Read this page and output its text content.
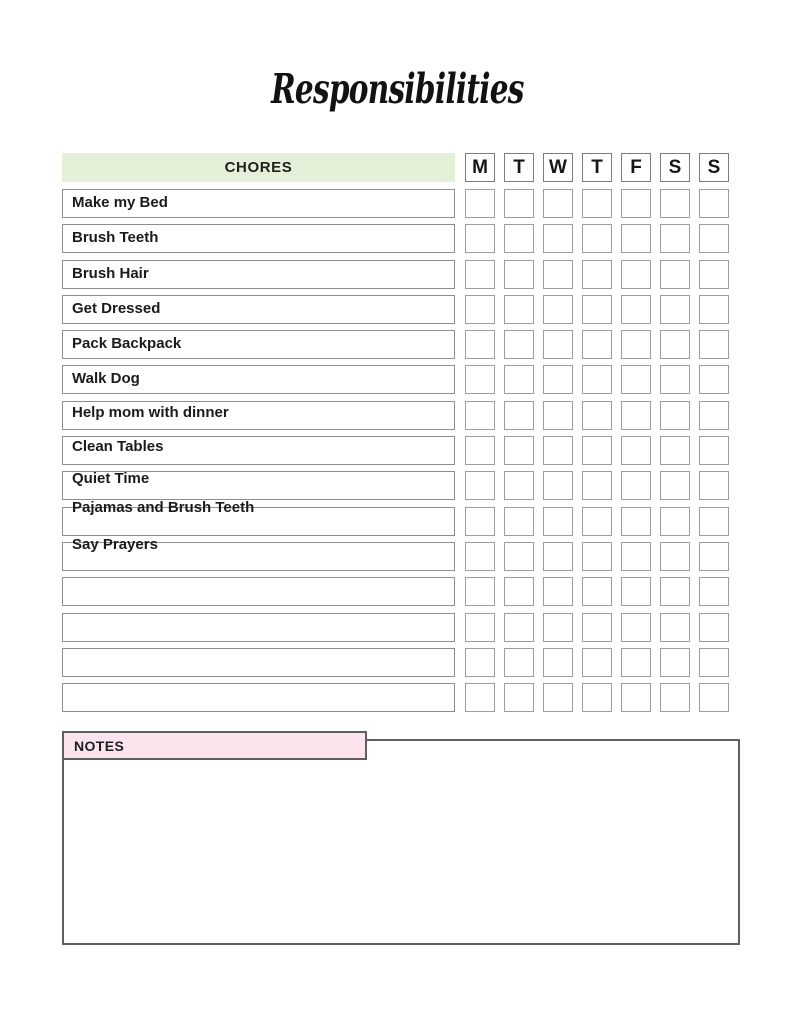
Responsibilities
CHORES	M T W T F S S
Make my Bed
Brush Teeth
Brush Hair
Get Dressed
Pack Backpack
Walk Dog
Help mom with dinner
Clean Tables
Quiet Time
Pajamas and Brush Teeth
Say Prayers
NOTES
